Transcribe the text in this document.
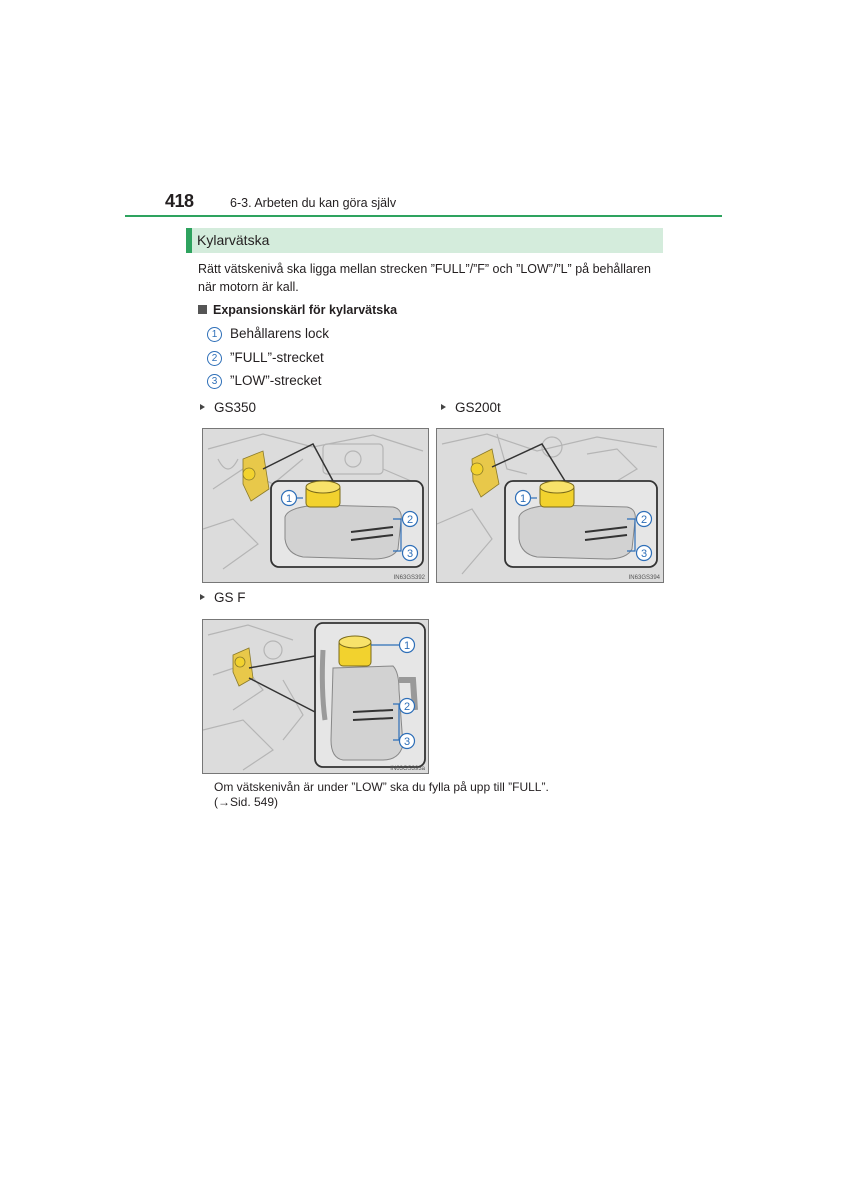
418	6-3. Arbeten du kan göra själv
Kylarvätska
Rätt vätskenivå ska ligga mellan strecken ”FULL”/”F” och ”LOW”/”L” på behållaren
när motorn är kall.
Expansionskärl för kylarvätska
1 Behållarens lock
2 ”FULL”-strecket
3 ”LOW”-strecket
GS350	GS200t
GS F
1
2
3
IN63GS392
1
2
3
IN63GS394
1
2
3
IN63GS393a
Om vätskenivån är under ”LOW” ska du fylla på upp till ”FULL”.
(→Sid. 549)
